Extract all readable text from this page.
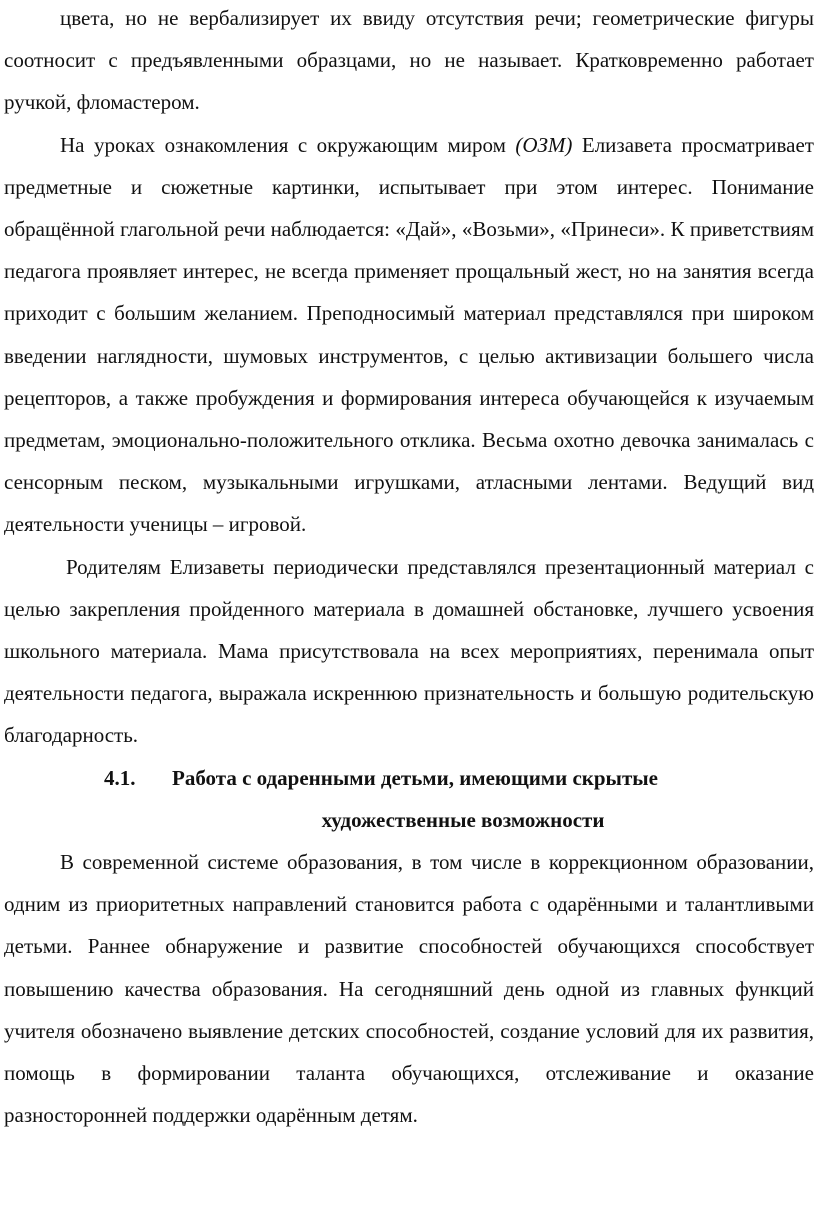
цвета, но не вербализирует их ввиду отсутствия речи; геометрические фигуры соотносит с предъявленными образцами, но не называет. Кратковременно работает ручкой, фломастером.

На уроках ознакомления с окружающим миром (ОЗМ) Елизавета просматривает предметные и сюжетные картинки, испытывает при этом интерес. Понимание обращённой глагольной речи наблюдается: «Дай», «Возьми», «Принеси». К приветствиям педагога проявляет интерес, не всегда применяет прощальный жест, но на занятия всегда приходит с большим желанием. Преподносимый материал представлялся при широком введении наглядности, шумовых инструментов, с целью активизации большего числа рецепторов, а также пробуждения и формирования интереса обучающейся к изучаемым предметам, эмоционально-положительного отклика. Весьма охотно девочка занималась с сенсорным песком, музыкальными игрушками, атласными лентами. Ведущий вид деятельности ученицы – игровой.

Родителям Елизаветы периодически представлялся презентационный материал с целью закрепления пройденного материала в домашней обстановке, лучшего усвоения школьного материала. Мама присутствовала на всех мероприятиях, перенимала опыт деятельности педагога, выражала искреннюю признательность и большую родительскую благодарность.

4.1. Работа с одаренными детьми, имеющими скрытые
художественные возможности

В современной системе образования, в том числе в коррекционном образовании, одним из приоритетных направлений становится работа с одарёнными и талантливыми детьми. Раннее обнаружение и развитие способностей обучающихся способствует повышению качества образования. На сегодняшний день одной из главных функций учителя обозначено выявление детских способностей, создание условий для их развития, помощь в формировании таланта обучающихся, отслеживание и оказание разносторонней поддержки одарённым детям.
